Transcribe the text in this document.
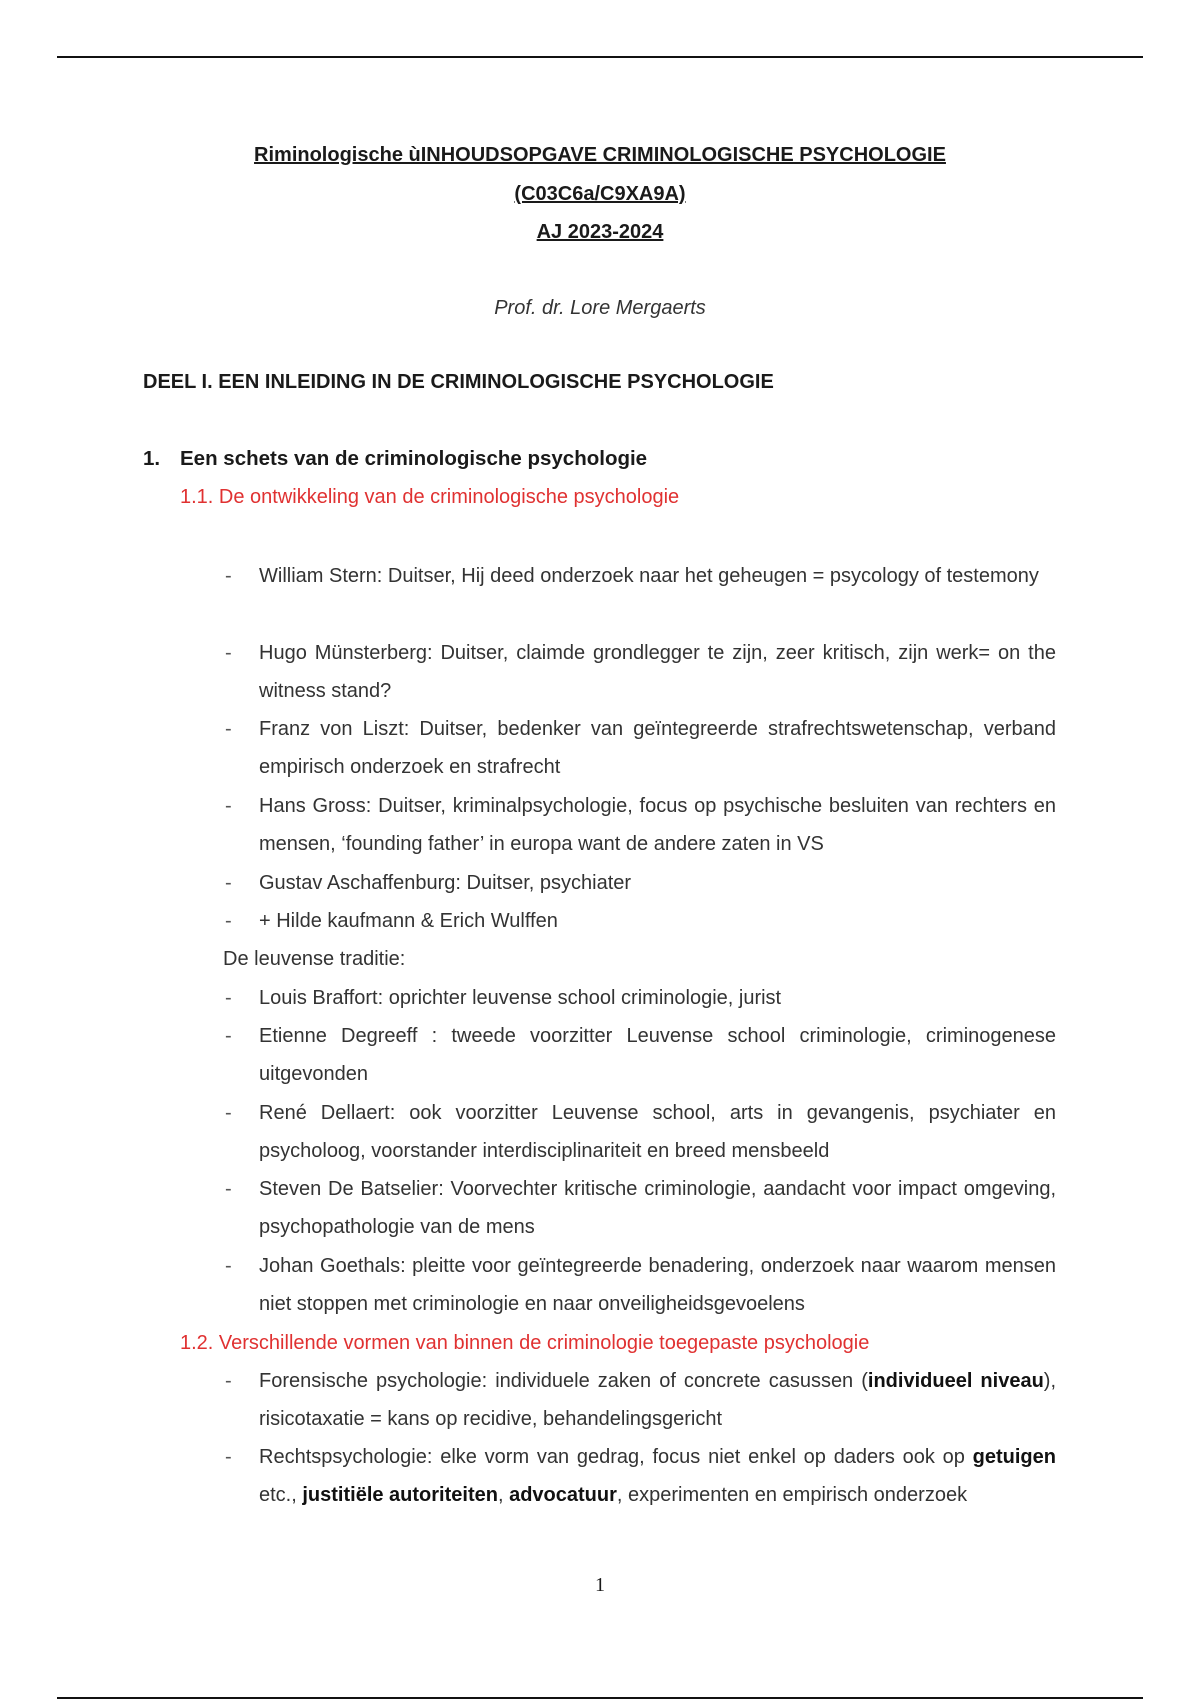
Riminologische ùINHOUDSOPGAVE CRIMINOLOGISCHE PSYCHOLOGIE
(C03C6a/C9XA9A)
AJ 2023-2024
Prof. dr. Lore Mergaerts
DEEL I. EEN INLEIDING IN DE CRIMINOLOGISCHE PSYCHOLOGIE
1. Een schets van de criminologische psychologie
1.1. De ontwikkeling van de criminologische psychologie
- William Stern: Duitser, Hij deed onderzoek naar het geheugen = psycology of testemony
- Hugo Münsterberg: Duitser, claimde grondlegger te zijn, zeer kritisch, zijn werk= on the witness stand?
- Franz von Liszt: Duitser, bedenker van geïntegreerde strafrechtswetenschap, verband empirisch onderzoek en strafrecht
- Hans Gross: Duitser, kriminalpsychologie, focus op psychische besluiten van rechters en mensen, ‘founding father’ in europa want de andere zaten in VS
- Gustav Aschaffenburg: Duitser, psychiater
- + Hilde kaufmann & Erich Wulffen
De leuvense traditie:
- Louis Braffort: oprichter leuvense school criminologie, jurist
- Etienne Degreeff : tweede voorzitter Leuvense school criminologie, criminogenese uitgevonden
- René Dellaert: ook voorzitter Leuvense school, arts in gevangenis, psychiater en psycholoog, voorstander interdisciplinariteit en breed mensbeeld
- Steven De Batselier: Voorvechter kritische criminologie, aandacht voor impact omgeving, psychopathologie van de mens
- Johan Goethals: pleitte voor geïntegreerde benadering, onderzoek naar waarom mensen niet stoppen met criminologie en naar onveiligheidsgevoelens
1.2. Verschillende vormen van binnen de criminologie toegepaste psychologie
- Forensische psychologie: individuele zaken of concrete casussen (individueel niveau), risicotaxatie = kans op recidive, behandelingsgericht
- Rechtspsychologie: elke vorm van gedrag, focus niet enkel op daders ook op getuigen etc., justitiële autoriteiten, advocatuur, experimenten en empirisch onderzoek
1
